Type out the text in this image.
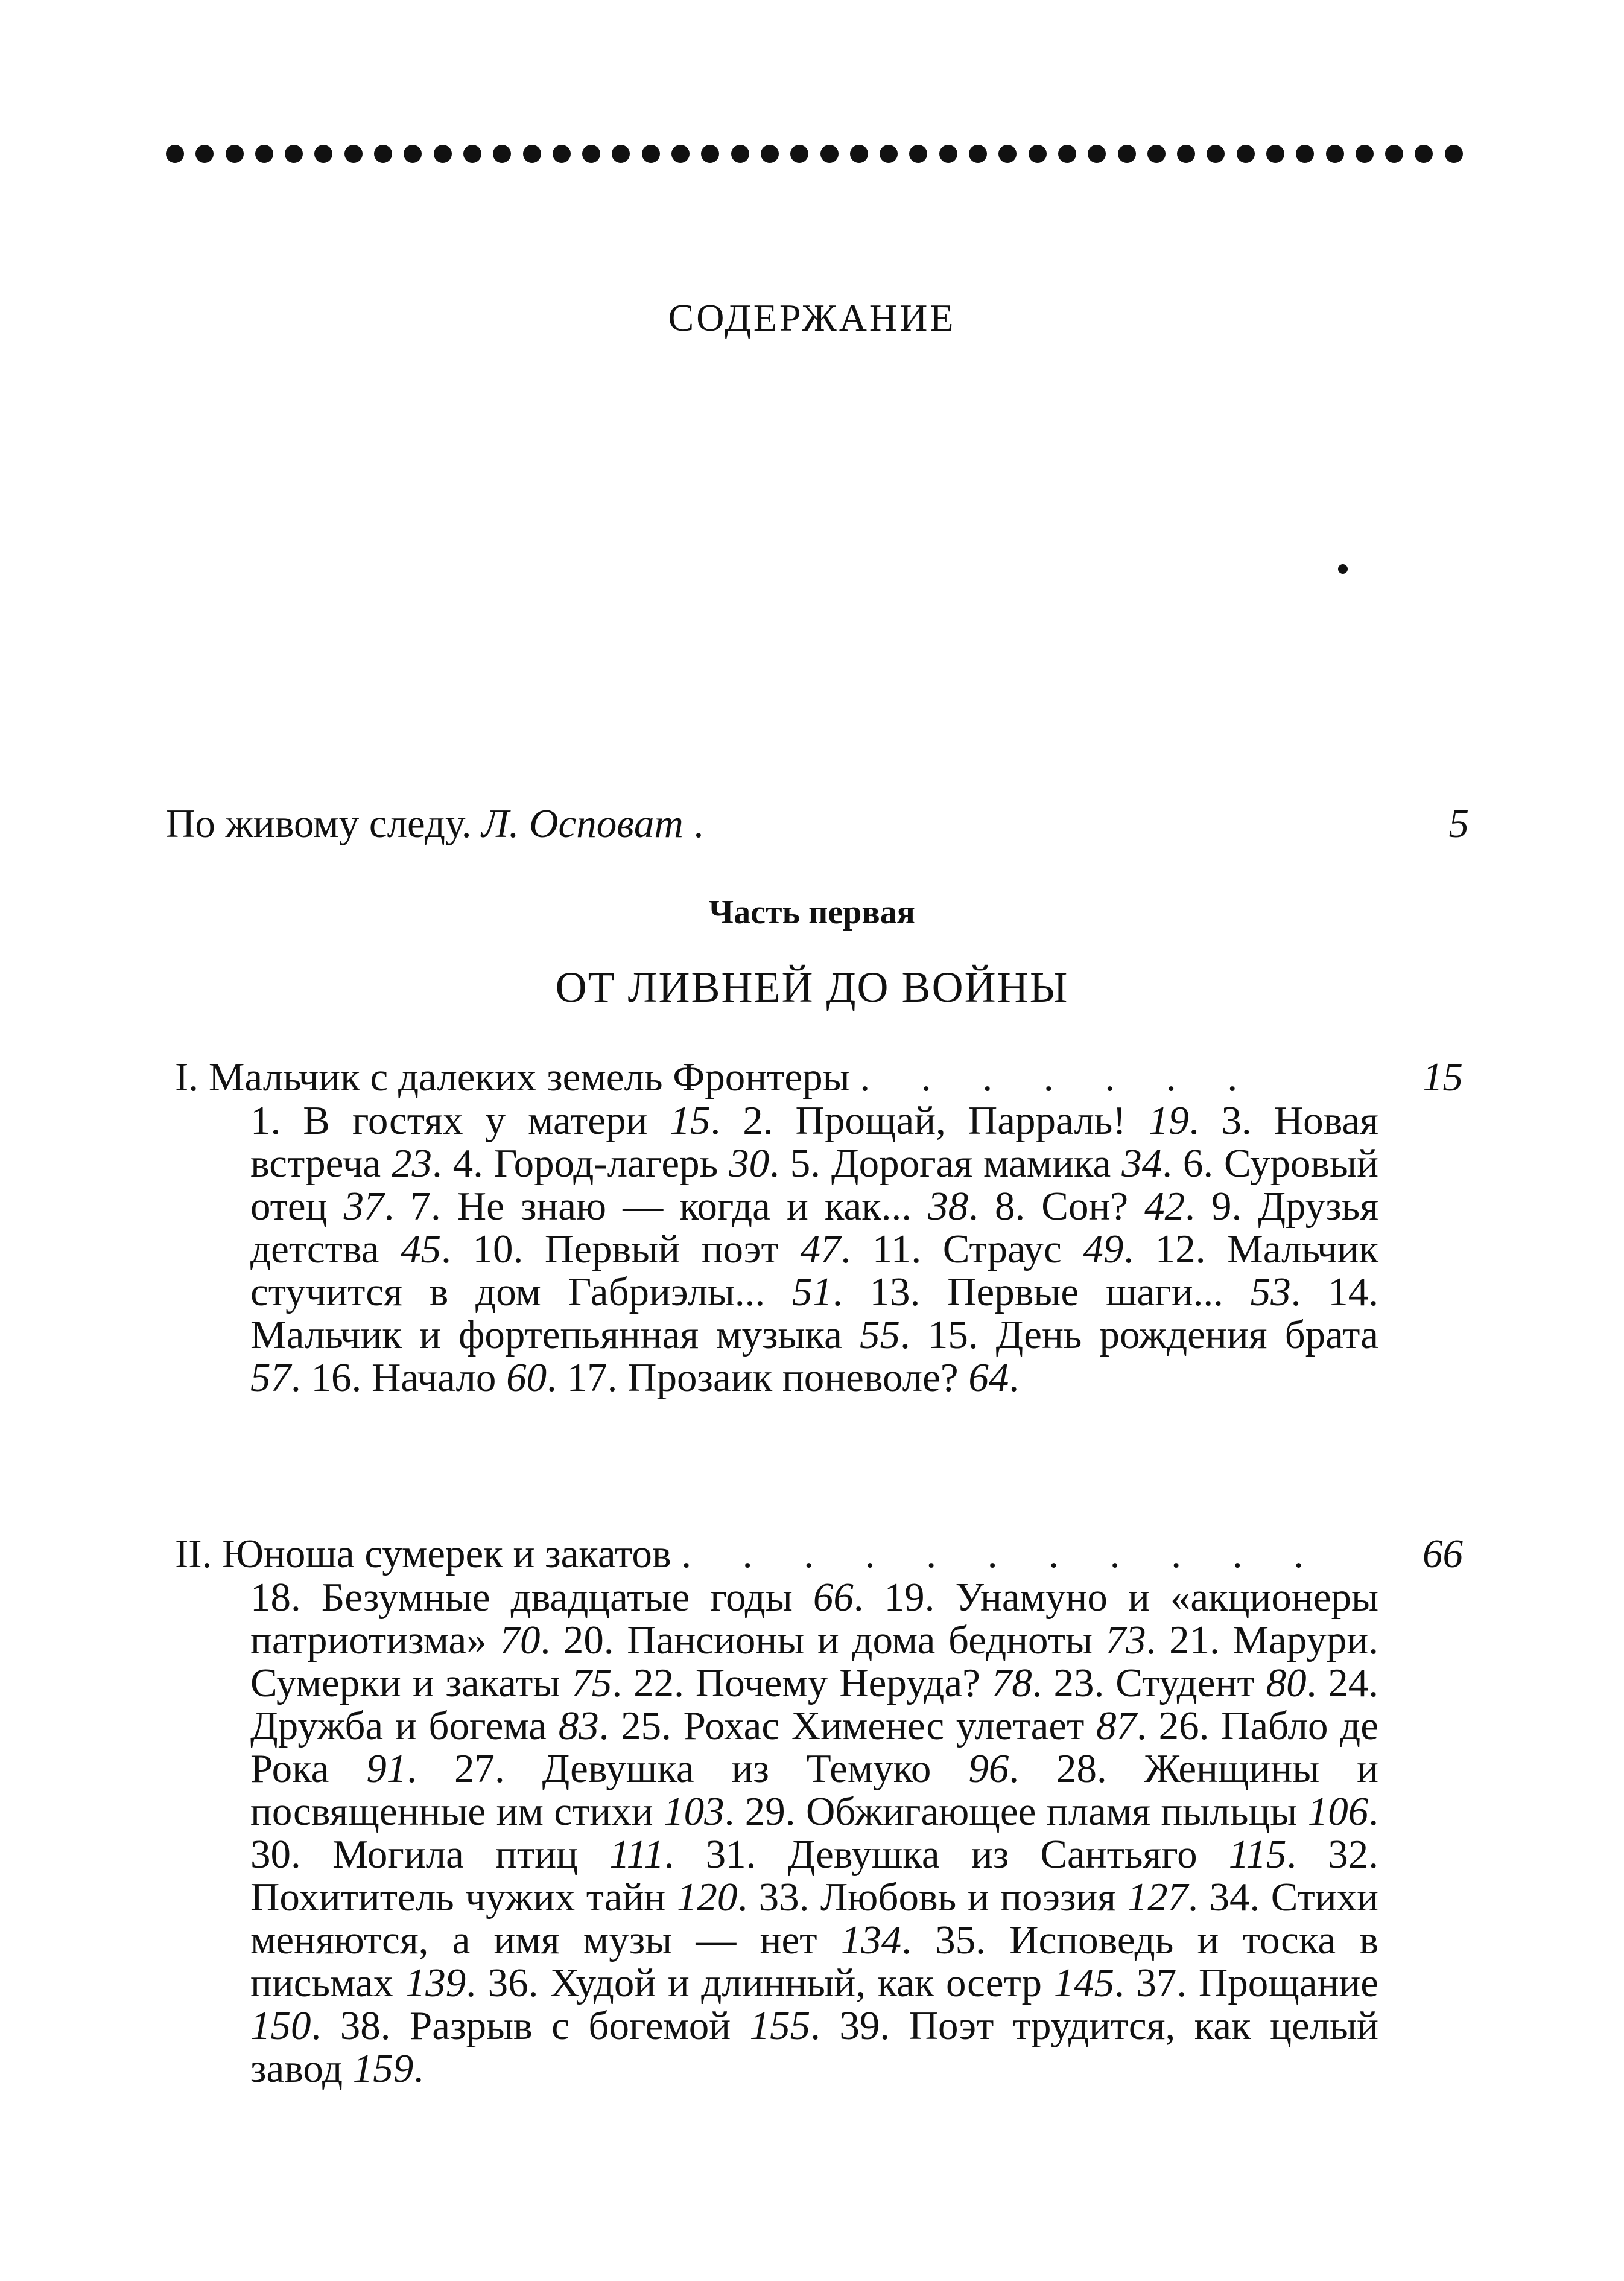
СОДЕРЖАНИЕ
По живому следу. Л. Осповат .	5
Часть первая
ОТ ЛИВНЕЙ ДО ВОЙНЫ
I. Мальчик с далеких земель Фронтеры . . . . . . .	15
1. В гостях у матери 15. 2. Прощай, Парраль! 19. 3. Новая встреча 23. 4. Город-лагерь 30. 5. Дорогая мамика 34. 6. Суровый отец 37. 7. Не знаю — когда и как... 38. 8. Сон? 42. 9. Друзья детства 45. 10. Первый поэт 47. 11. Страус 49. 12. Мальчик стучится в дом Габриэлы... 51. 13. Первые шаги... 53. 14. Мальчик и фортепьянная музыка 55. 15. День рождения брата 57. 16. Начало 60. 17. Прозаик поневоле? 64.
II. Юноша сумерек и закатов . . . . . . . . . . .	66
18. Безумные двадцатые годы 66. 19. Унамуно и «акционеры патриотизма» 70. 20. Пансионы и дома бедноты 73. 21. Марури. Сумерки и закаты 75. 22. Почему Неруда? 78. 23. Студент 80. 24. Дружба и богема 83. 25. Рохас Хименес улетает 87. 26. Пабло де Рока 91. 27. Девушка из Темуко 96. 28. Женщины и посвященные им стихи 103. 29. Обжигающее пламя пыльцы 106. 30. Могила птиц 111. 31. Девушка из Сантьяго 115. 32. Похититель чужих тайн 120. 33. Любовь и поэзия 127. 34. Стихи меняются, а имя музы — нет 134. 35. Исповедь и тоска в письмах 139. 36. Худой и длинный, как осетр 145. 37. Прощание 150. 38. Разрыв с богемой 155. 39. Поэт трудится, как целый завод 159.
